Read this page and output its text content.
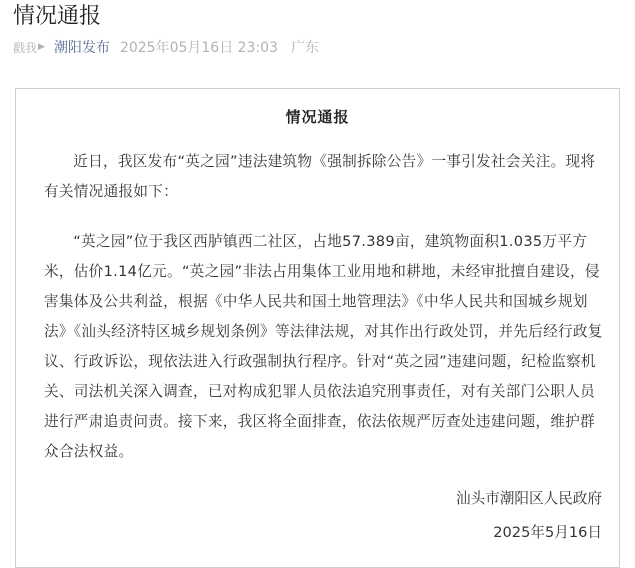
情况通报
戳我 ▶ 潮阳发布 2025年05月16日 23:03 广东
情况通报

近日，我区发布“英之园”违法建筑物《强制拆除公告》一事引发社会关注。现将有关情况通报如下：

“英之园”位于我区西胪镇西二社区，占地57.389亩，建筑物面积1.035万平方米，估价1.14亿元。“英之园”非法占用集体工业用地和耕地，未经审批擅自建设，侵害集体及公共利益，根据《中华人民共和国土地管理法》《中华人民共和国城乡规划法》《汕头经济特区城乡规划条例》等法律法规，对其作出行政处罚，并先后经行政复议、行政诉讼，现依法进入行政强制执行程序。针对“英之园”违建问题，纪检监察机关、司法机关深入调查，已对构成犯罪人员依法追究刑事责任，对有关部门公职人员进行严肃追责问责。接下来，我区将全面排查，依法依规严厉查处违建问题，维护群众合法权益。

汕头市潮阳区人民政府
2025年5月16日
